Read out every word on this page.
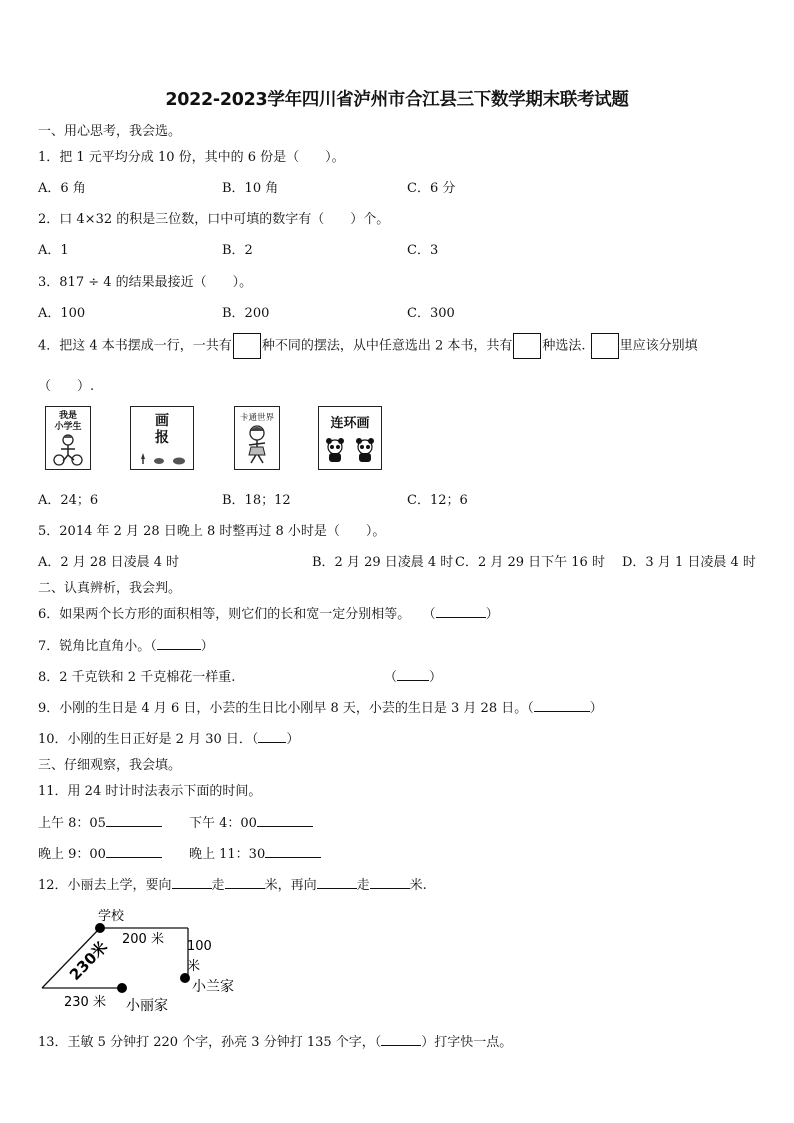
2022-2023学年四川省泸州市合江县三下数学期末联考试题
一、用心思考，我会选。
1．把 1 元平均分成 10 份，其中的 6 份是（　　）。
A．6 角	B．10 角	C．6 分
2．口 4×32 的积是三位数，口中可填的数字有（　　）个。
A．1	B．2	C．3
3．817 ÷ 4 的结果最接近（　　）。
A．100	B．200	C．300
4．把这 4 本书摆成一行，一共有 种不同的摆法，从中任意选出 2 本书，共有 种选法.	里应该分别填
（　　）.
我是
小学生	画
报
卡通世界	连环画
A．24；6	B．18；12	C．12；6
5．2014 年 2 月 28 日晚上 8 时整再过 8 小时是（　　）。
A．2 月 28 日凌晨 4 时	B．2 月 29 日凌晨 4 时 C．2 月 29 日下午 16 时 D．3 月 1 日凌晨 4 时
二、认真辨析，我会判。
6．如果两个长方形的面积相等，则它们的长和宽一定分别相等。   （	）
7．锐角比直角小。（	）
8．2 千克铁和 2 千克棉花一样重.	（ ）
9．小刚的生日是 4 月 6 日，小芸的生日比小刚早 8 天，小芸的生日是 3 月 28 日。（	）
10．小刚的生日正好是 2 月 30 日．（ ）
三、仔细观察，我会填。
11．用 24 时计时法表示下面的时间。
上午 8：05	下午 4：00
晚上 9：00	晚上 11：30
12．小丽去上学，要向	走	米，再向	走	米.
学校
200 米 100
米
小兰家
230米
230 米 小丽家
13．王敏 5 分钟打 220 个字，孙亮 3 分钟打 135 个字，（	）打字快一点。
